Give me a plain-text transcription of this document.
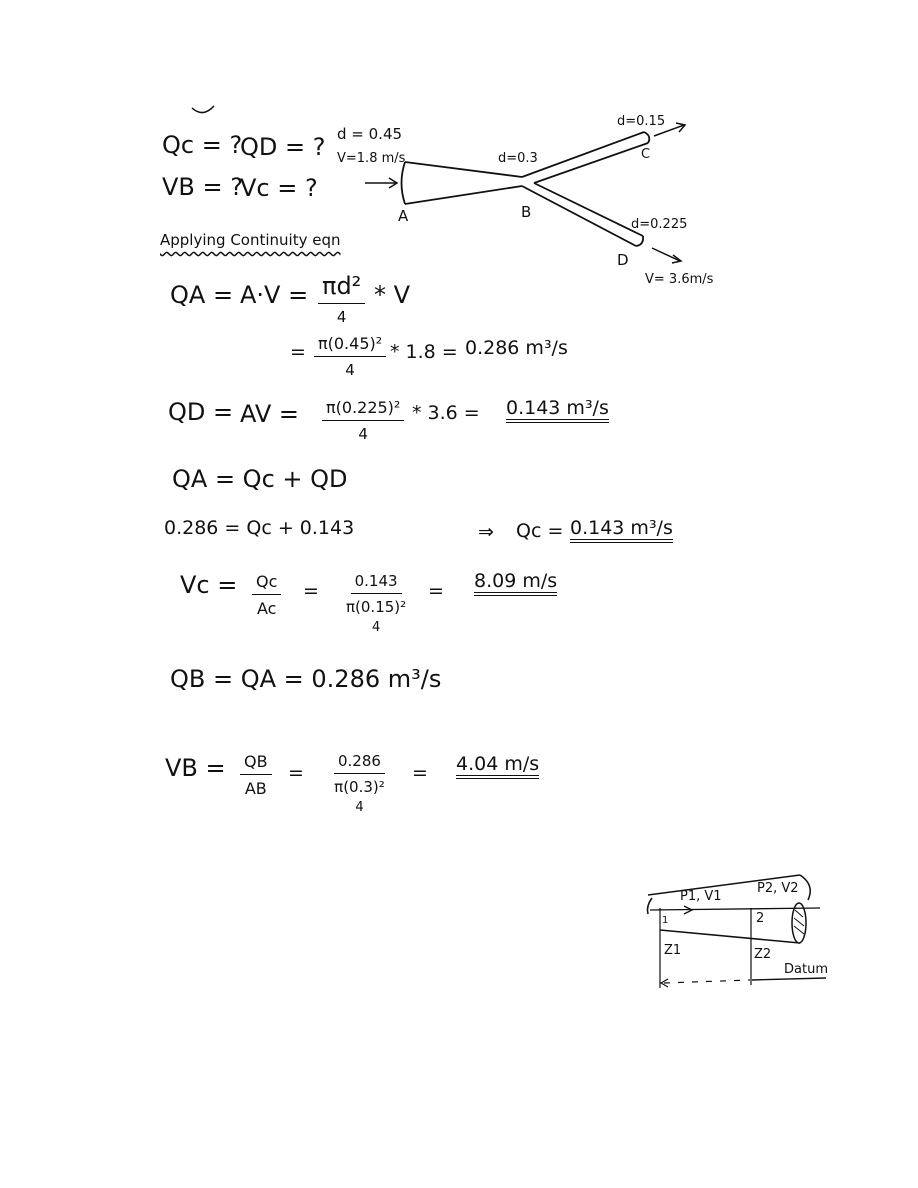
Qc = ?
QD = ?
VB = ?
Vc = ?
d = 0.45
V=1.8 m/s
A
d=0.3
B
d=0.15
C
d=0.225
D
V= 3.6m/s
Applying Continuity eqn
QA = A·V = πd²
4
* V
= $\frac{\text{π(0.45)²}}{4} * 1.8 = 0.286$ m³/s
QD = AV = $\frac{\text{π(0.225)²}}{4} * 3.6 = 0.143$ m³/s
QA = Qc + QD
0.286 = Qc + 0.143	⇒ Qc = 0.143 m³/s
$Vc = \frac{Qc}{Ac} = 0.143$
π(0.15)²
4
= 8.09 m/s
QB = QA = 0.286 m³/s
VB = $\frac{QB}{AB}$ =
0.286
π(0.3)²
4
= 4.04 m/s
P1, V1
P2, V2
1	2
Z1	Z2
Datum
